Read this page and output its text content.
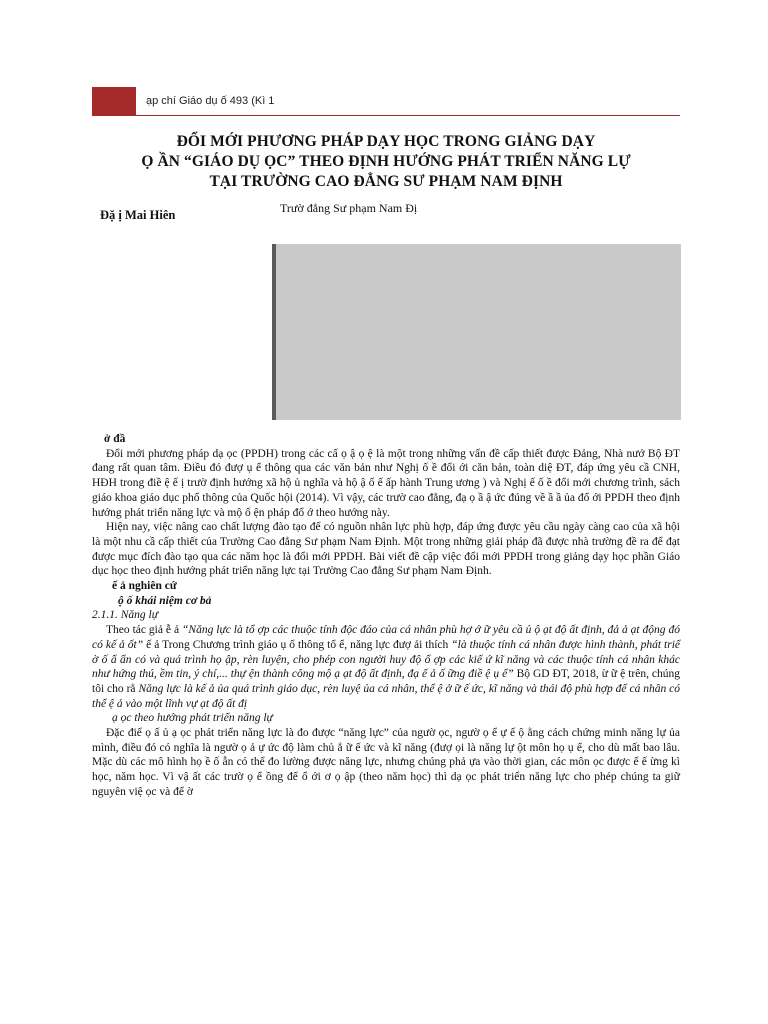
ạp chí Giáo dụ ố 493 (Kì 1
ĐỔI MỚI PHƯƠNG PHÁP DẠY HỌC TRONG GIẢNG DẠY
Ọ ẦN “GIÁO DỤ ỌC” THEO ĐỊNH HƯỚNG PHÁT TRIỂN NĂNG LỰ
TẠI TRƯỜNG CAO ĐẲNG SƯ PHẠM NAM ĐỊNH
Đặ ị Mai Hiên	Trườ đẳng Sư phạm Nam Đị

ở đầ

Đổi mới phương pháp dạ ọc (PPDH) trong các cấ ọ ậ ọ ệ là một trong những vấn đề cấp thiết được Đảng, Nhà nướ Bộ ĐT đang rất quan tâm. Điều đó đượ ụ ể thông qua các văn bản như Nghị ố ề đổi ới căn bản, toàn diệ ĐT, đáp ứng yêu cầ CNH, HĐH trong điề ệ ế ị trườ định hướng xã hộ ủ nghĩa và hộ ậ ố ế ấp hành Trung ương ) và Nghị ế ố ề đổi mới chương trình, sách giáo khoa giáo dục phổ thông của Quốc hội (2014). Vì vậy, các trườ cao đẳng, đạ ọ ầ ậ ức đúng về ầ ầ ủa đổ ới PPDH theo định hướng phát triển năng lực và mộ ố ện pháp đổ ớ theo hướng này.

Hiện nay, việc nâng cao chất lượng đào tạo để có nguồn nhân lực phù hợp, đáp ứng được yêu cầu ngày càng cao của xã hội là một nhu cầ cấp thiết của Trường Cao đẳng Sư phạm Nam Định. Một trong những giải pháp đã được nhà trường đề ra để đạt được mục đích đào tạo qua các năm học là đổi mới PPDH. Bài viết đề cập việc đổi mới PPDH trong giảng dạy học phần Giáo dục học theo định hướng phát triển năng lực tại Trường Cao đẳng Sư phạm Nam Định.

ế ả nghiên cứ

ộ ố khái niệm cơ bả

2.1.1. Năng lự

Theo tác giả ễ ả “Năng lực là tổ ợp các thuộc tính độc đáo của cá nhân phù hợ ớ ữ yêu cầ ủ ộ ạt độ ất định, đả ả ạt động đó có kế ả ốt” ế ả Trong Chương trình giáo ụ ổ thông tổ ể, năng lực đượ ải thích “là thuộc tính cá nhân được hình thành, phát triể ờ ố ẩ ẩn có và quá trình họ ập, rèn luyện, cho phép con người huy độ ổ ợp các kiế ứ kĩ năng và các thuộc tính cá nhân khác như hứng thú, ềm tin, ý chí,... thự ện thành công mộ ạ ạt độ ất định, đạ ế ả ố ững điề ệ ụ ể” Bộ GD ĐT, 2018, ừ ữ ệ trên, chúng tôi cho rằ Năng lực là kế ả ủa quá trình giáo dục, rèn luyệ ủa cá nhân, thể ệ ở ữ ế ức, kĩ năng và thái độ phù hợp để cá nhân có thể ệ ả vào một lĩnh vự ạt độ ất đị

ạ ọc theo hướng phát triển năng lự

Đặc điể ọ ấ ủ ạ ọc phát triển năng lực là đo được “năng lực” của ngườ ọc, ngườ ọ ể ự ế ộ ằng cách chứng minh năng lự ủa mình, điều đó có nghĩa là ngườ ọ ả ự ức độ làm chủ ắ ữ ế ức và kĩ năng (đượ ọi là năng lự ột môn họ ụ ể, cho dù mất bao lâu. Mặc dù các mô hình họ ề ố ẫn có thể đo lường được năng lực, nhưng chúng phả ựa vào thời gian, các môn ọc được ế ế ừng kì học, năm học. Vì vậ ất các trườ ọ ể ồng để ổ ới ơ ọ ập (theo năm học) thì dạ ọc phát triển năng lực cho phép chúng ta giữ nguyên việ ọc và để ờ
